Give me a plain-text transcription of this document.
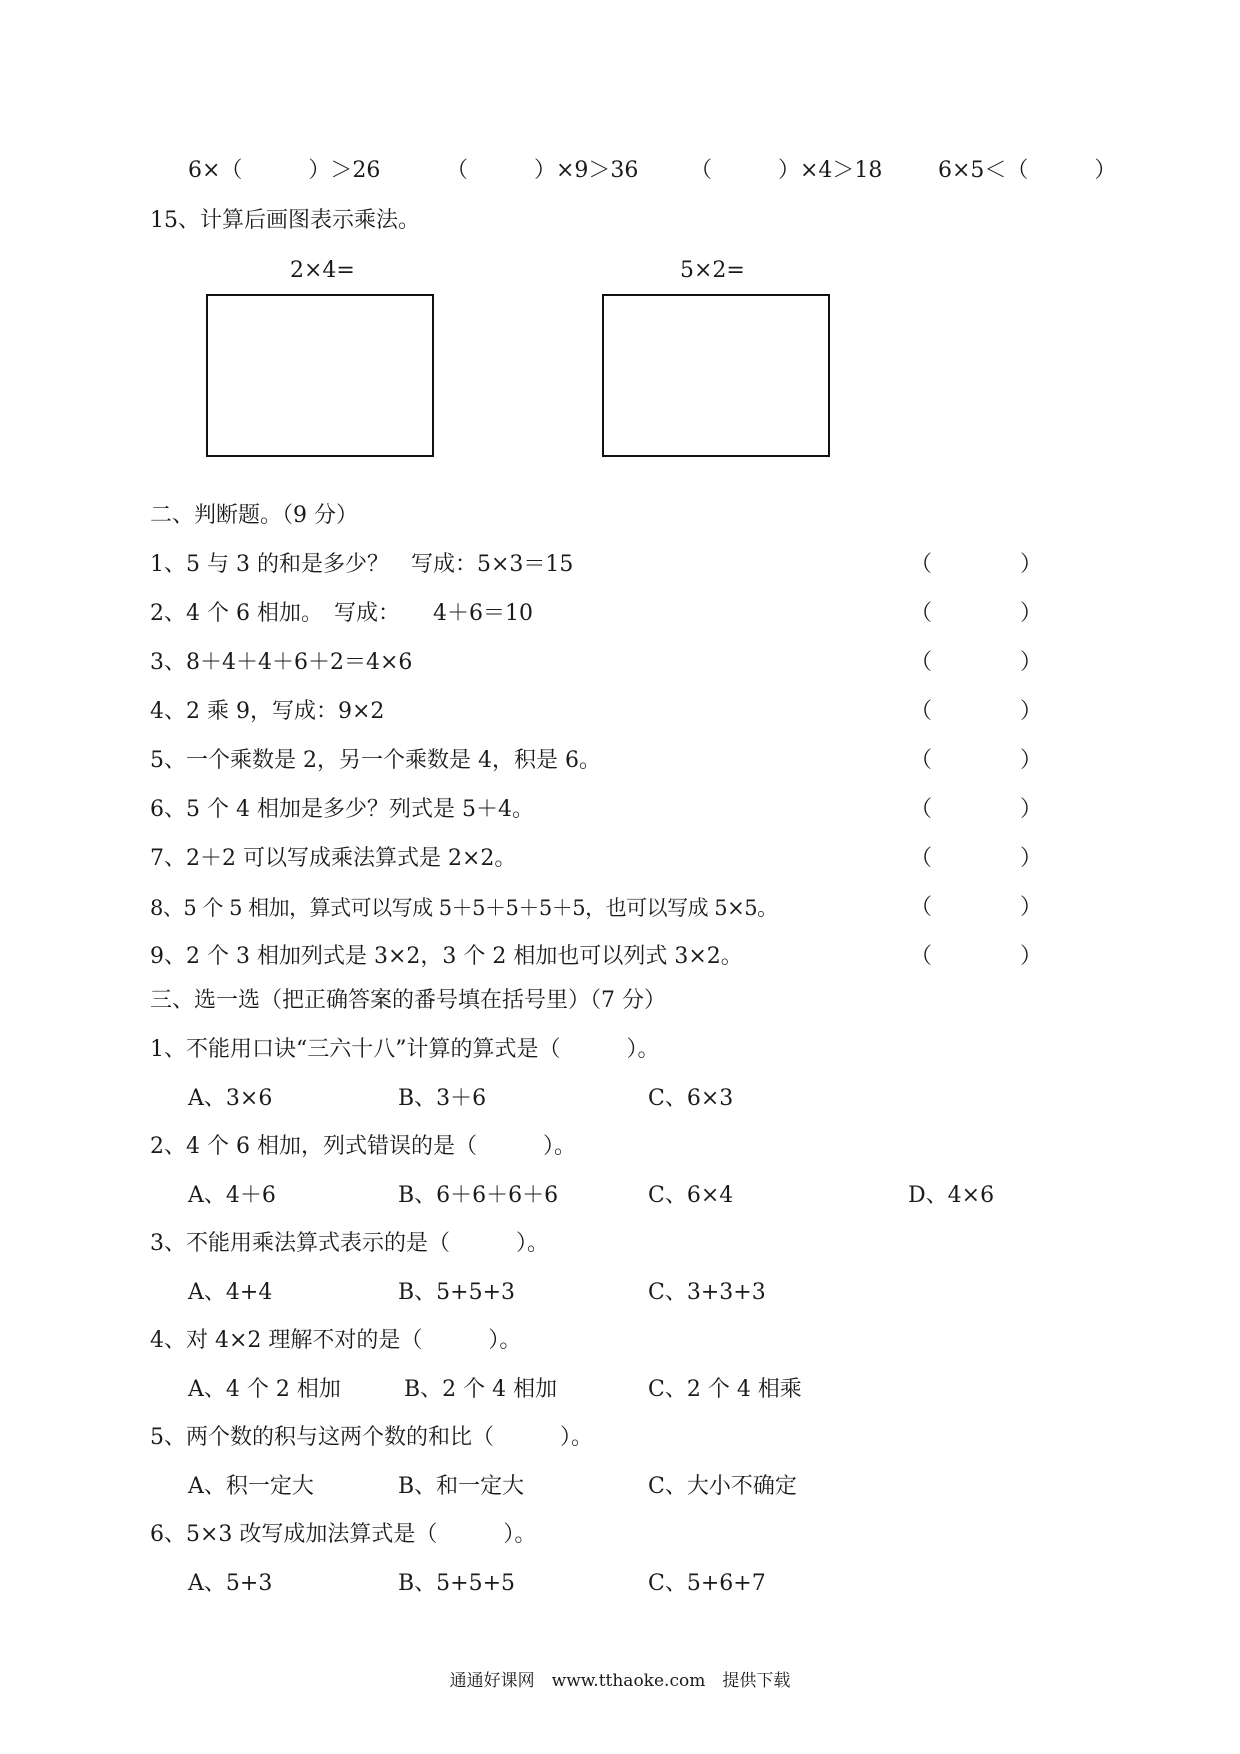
6×（　　　）＞26	（　　　）×9＞36 （　　　）×4＞18	6×5＜（　　　）
15、计算后画图表示乘法。
2×4=	5×2=
二、判断题。（9 分）
1、5 与 3 的和是多少？　写成：5×3＝15	（　　　　）
2、4 个 6 相加。　写成：　　4＋6＝10	（　　　　）
3、8＋4＋4＋6＋2＝4×6	（　　　　）
4、2 乘 9，写成：9×2	（　　　　）
5、一个乘数是 2，另一个乘数是 4，积是 6。	（　　　　）
6、5 个 4 相加是多少？列式是 5＋4。	（　　　　）
7、2＋2 可以写成乘法算式是 2×2。	（　　　　）
8、5 个 5 相加，算式可以写成 5＋5＋5＋5＋5，也可以写成 5×5。	（　　　　）
9、2 个 3 相加列式是 3×2，3 个 2 相加也可以列式 3×2。	（　　　　）
三、选一选（把正确答案的番号填在括号里）（7 分）
1、不能用口诀“三六十八”计算的算式是（　　　）。
A、3×6	B、3＋6	C、6×3
2、4 个 6 相加，列式错误的是（　　　）。
A、4＋6	B、6＋6＋6＋6	C、6×4	D、4×6
3、不能用乘法算式表示的是（　　　）。
A、4+4	B、5+5+3	C、3+3+3
4、对 4×2 理解不对的是（　　　）。
A、4 个 2 相加	B、2 个 4 相加	C、2 个 4 相乘
5、两个数的积与这两个数的和比（　　　）。
A、积一定大	B、和一定大	C、大小不确定
6、5×3 改写成加法算式是（　　　）。
A、5+3	B、5+5+5	C、5+6+7
通通好课网　www.tthaoke.com　提供下载
